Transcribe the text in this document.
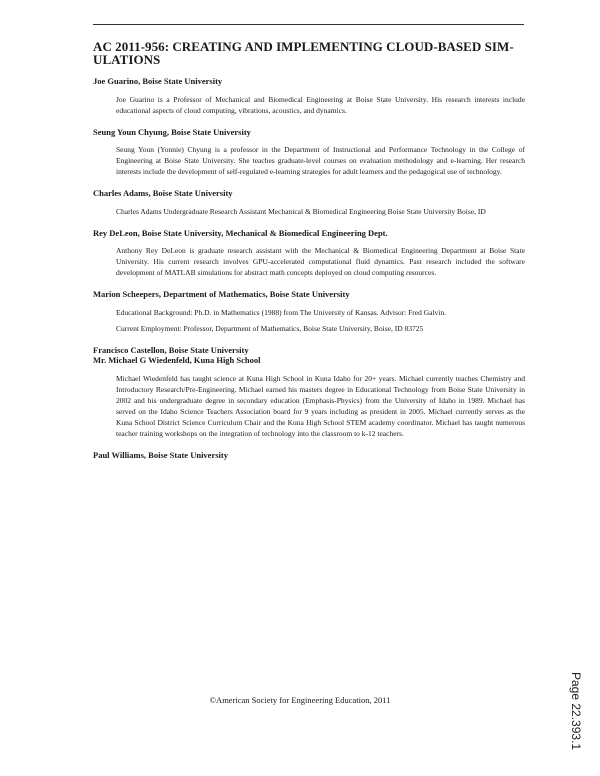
AC 2011-956: CREATING AND IMPLEMENTING CLOUD-BASED SIM- ULATIONS
Joe Guarino, Boise State University
Joe Guarino is a Professor of Mechanical and Biomedical Engineering at Boise State University. His research interests include educational aspects of cloud computing, vibrations, acoustics, and dynamics.
Seung Youn Chyung, Boise State University
Seung Youn (Yonnie) Chyung is a professor in the Department of Instructional and Performance Technology in the College of Engineering at Boise State University. She teaches graduate-level courses on evaluation methodology and e-learning. Her research interests include the development of self-regulated e-learning strategies for adult learners and the pedagogical use of technology.
Charles Adams, Boise State University
Charles Adams Undergraduate Research Assistant Mechanical & Biomedical Engineering Boise State University Boise, ID
Rey DeLeon, Boise State University, Mechanical & Biomedical Engineering Dept.
Anthony Rey DeLeon is graduate research assistant with the Mechanical & Biomedical Engineering Department at Boise State University. His current research involves GPU-accelerated computational fluid dynamics. Past research included the software development of MATLAB simulations for abstract math concepts deployed on cloud computing resources.
Marion Scheepers, Department of Mathematics, Boise State University
Educational Background: Ph.D. in Mathematics (1988) from The University of Kansas. Advisor: Fred Galvin.
Current Employment: Professor, Department of Mathematics, Boise State University, Boise, ID 83725
Francisco Castellon, Boise State University
Mr. Michael G Wiedenfeld, Kuna High School
Michael Wiedenfeld has taught science at Kuna High School in Kuna Idaho for 20+ years. Michael currently teaches Chemistry and Introductory Research/Pre-Engineering. Michael earned his masters degree in Educational Technology from Boise State University in 2002 and his undergraduate degree in secondary education (Emphasis-Physics) from the University of Idaho in 1989. Michael has served on the Idaho Science Teachers Association board for 9 years including as president in 2005. Michael currently serves as the Kuna School District Science Curriculum Chair and the Kuna High School STEM academy coordinator. Michael has taught numerous teacher training workshops on the integration of technology into the classroom to k-12 teachers.
Paul Williams, Boise State University
©American Society for Engineering Education, 2011	Page 22.393.1
